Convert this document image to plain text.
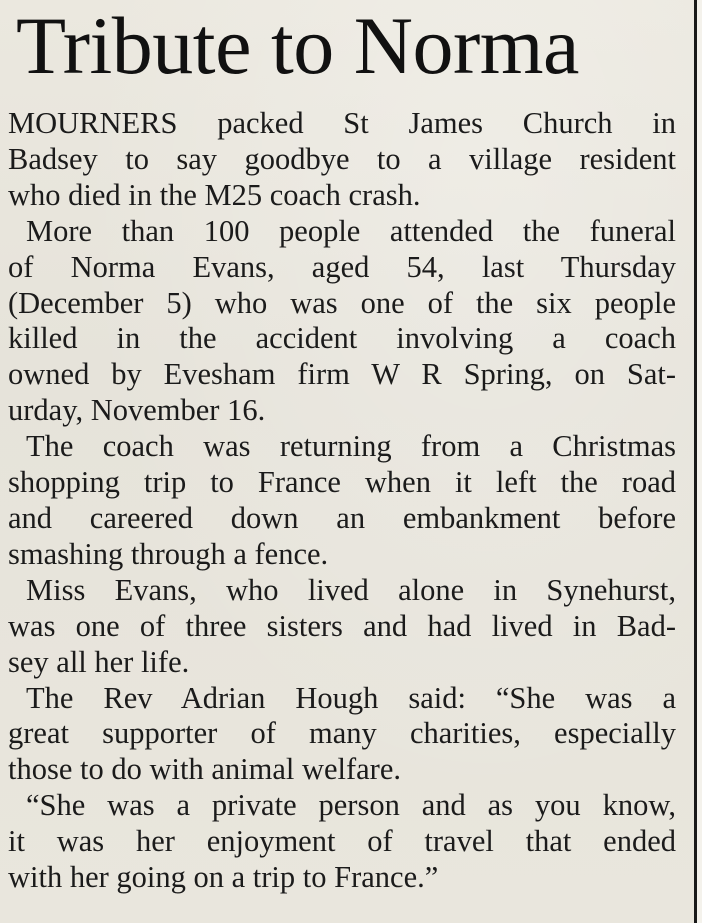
Tribute to Norma

MOURNERS packed St James Church in
Badsey to say goodbye to a village resident
who died in the M25 coach crash.

More than 100 people attended the funeral
of Norma Evans, aged 54, last Thursday
(December 5) who was one of the six people
killed in the accident involving a coach
owned by Evesham firm W R Spring, on Sat-
urday, November 16.

The coach was returning from a Christmas
shopping trip to France when it left the road
and careered down an embankment before
smashing through a fence.

Miss Evans, who lived alone in Synehurst,
was one of three sisters and had lived in Bad-
sey all her life.

The Rev Adrian Hough said: “She was a
great supporter of many charities, especially
those to do with animal welfare.

“She was a private person and as you know,
it was her enjoyment of travel that ended
with her going on a trip to France.”
